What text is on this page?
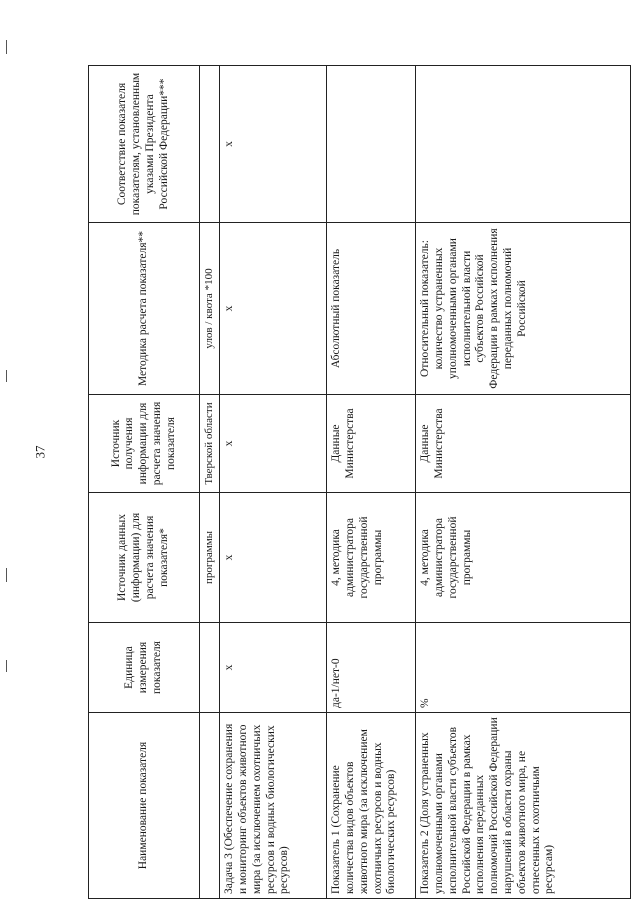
37
Наименование показателя	Единица измерения показателя	Источник данных (информации) для расчета значения показателя*	Источник получения информации для расчета значения показателя	Методика расчета показателя**	Соответствие показателя показателям, установленным указами Президента Российской Федерации***
		программы	Тверской области	улов / квота *100	
Задача 3 (Обеспечение сохранения и мониторинг объектов животного мира (за исключением охотничьих ресурсов и водных биологических ресурсов)	х	х	х	х	х
Показатель 1 (Сохранение количества видов объектов животного мира (за исключением охотничьих ресурсов и водных биологических ресурсов)	да-1/нет-0	4, методика администратора государственной программы	Данные Министерства	Абсолютный показатель	
Показатель 2 (Доля устраненных уполномоченными органами исполнительной власти субъектов Российской Федерации в рамках исполнения переданных полномочий Российской Федерации нарушений в области охраны объектов животного мира, не отнесенных к охотничьим ресурсам)	%	4, методика администратора государственной программы	Данные Министерства	Относительный показатель: количество устраненных уполномоченными органами исполнительной власти субъектов Российской Федерации в рамках исполнения переданных полномочий Российской	
